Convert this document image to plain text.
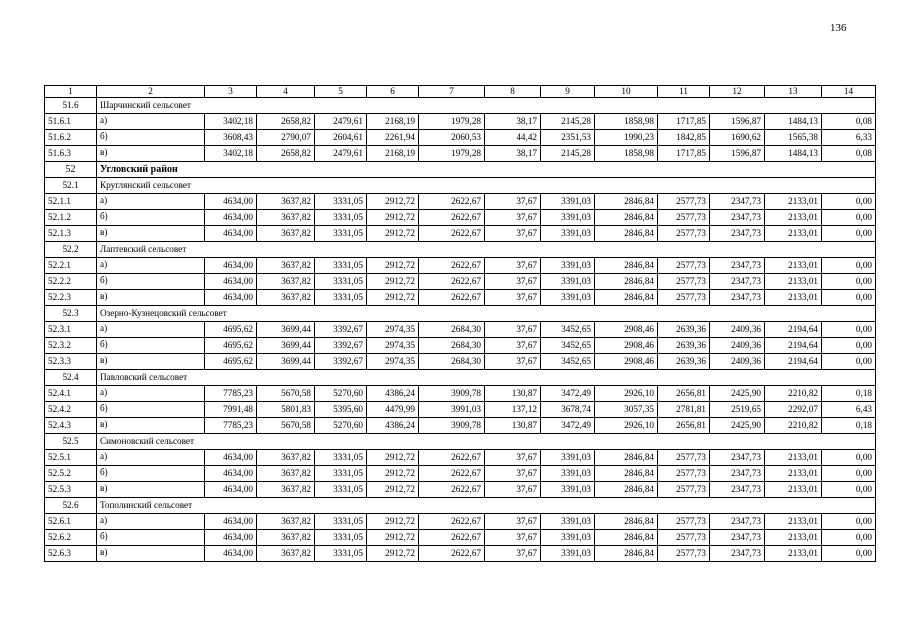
136
1	2	3	4	5	6	7	8	9	10	11	12	13	14
51.6	Шарчинский сельсовет												
51.6.1	а)	3402,18	2658,82	2479,61	2168,19	1979,28	38,17	2145,28	1858,98	1717,85	1596,87	1484,13	0,08
51.6.2	б)	3608,43	2790,07	2604,61	2261,94	2060,53	44,42	2351,53	1990,23	1842,85	1690,62	1565,38	6,33
51.6.3	в)	3402,18	2658,82	2479,61	2168,19	1979,28	38,17	2145,28	1858,98	1717,85	1596,87	1484,13	0,08
52	Угловский район												
52.1	Круглянский сельсовет												
52.1.1	а)	4634,00	3637,82	3331,05	2912,72	2622,67	37,67	3391,03	2846,84	2577,73	2347,73	2133,01	0,00
52.1.2	б)	4634,00	3637,82	3331,05	2912,72	2622,67	37,67	3391,03	2846,84	2577,73	2347,73	2133,01	0,00
52.1.3	в)	4634,00	3637,82	3331,05	2912,72	2622,67	37,67	3391,03	2846,84	2577,73	2347,73	2133,01	0,00
52.2	Лаптевский сельсовет												
52.2.1	а)	4634,00	3637,82	3331,05	2912,72	2622,67	37,67	3391,03	2846,84	2577,73	2347,73	2133,01	0,00
52.2.2	б)	4634,00	3637,82	3331,05	2912,72	2622,67	37,67	3391,03	2846,84	2577,73	2347,73	2133,01	0,00
52.2.3	в)	4634,00	3637,82	3331,05	2912,72	2622,67	37,67	3391,03	2846,84	2577,73	2347,73	2133,01	0,00
52.3	Озерно-Кузнецовский сельсовет												
52.3.1	а)	4695,62	3699,44	3392,67	2974,35	2684,30	37,67	3452,65	2908,46	2639,36	2409,36	2194,64	0,00
52.3.2	б)	4695,62	3699,44	3392,67	2974,35	2684,30	37,67	3452,65	2908,46	2639,36	2409,36	2194,64	0,00
52.3.3	в)	4695,62	3699,44	3392,67	2974,35	2684,30	37,67	3452,65	2908,46	2639,36	2409,36	2194,64	0,00
52.4	Павловский сельсовет												
52.4.1	а)	7785,23	5670,58	5270,60	4386,24	3909,78	130,87	3472,49	2926,10	2656,81	2425,90	2210,82	0,18
52.4.2	б)	7991,48	5801,83	5395,60	4479,99	3991,03	137,12	3678,74	3057,35	2781,81	2519,65	2292,07	6,43
52.4.3	в)	7785,23	5670,58	5270,60	4386,24	3909,78	130,87	3472,49	2926,10	2656,81	2425,90	2210,82	0,18
52.5	Симоновский сельсовет												
52.5.1	а)	4634,00	3637,82	3331,05	2912,72	2622,67	37,67	3391,03	2846,84	2577,73	2347,73	2133,01	0,00
52.5.2	б)	4634,00	3637,82	3331,05	2912,72	2622,67	37,67	3391,03	2846,84	2577,73	2347,73	2133,01	0,00
52.5.3	в)	4634,00	3637,82	3331,05	2912,72	2622,67	37,67	3391,03	2846,84	2577,73	2347,73	2133,01	0,00
52.6	Тополинский сельсовет												
52.6.1	а)	4634,00	3637,82	3331,05	2912,72	2622,67	37,67	3391,03	2846,84	2577,73	2347,73	2133,01	0,00
52.6.2	б)	4634,00	3637,82	3331,05	2912,72	2622,67	37,67	3391,03	2846,84	2577,73	2347,73	2133,01	0,00
52.6.3	в)	4634,00	3637,82	3331,05	2912,72	2622,67	37,67	3391,03	2846,84	2577,73	2347,73	2133,01	0,00
